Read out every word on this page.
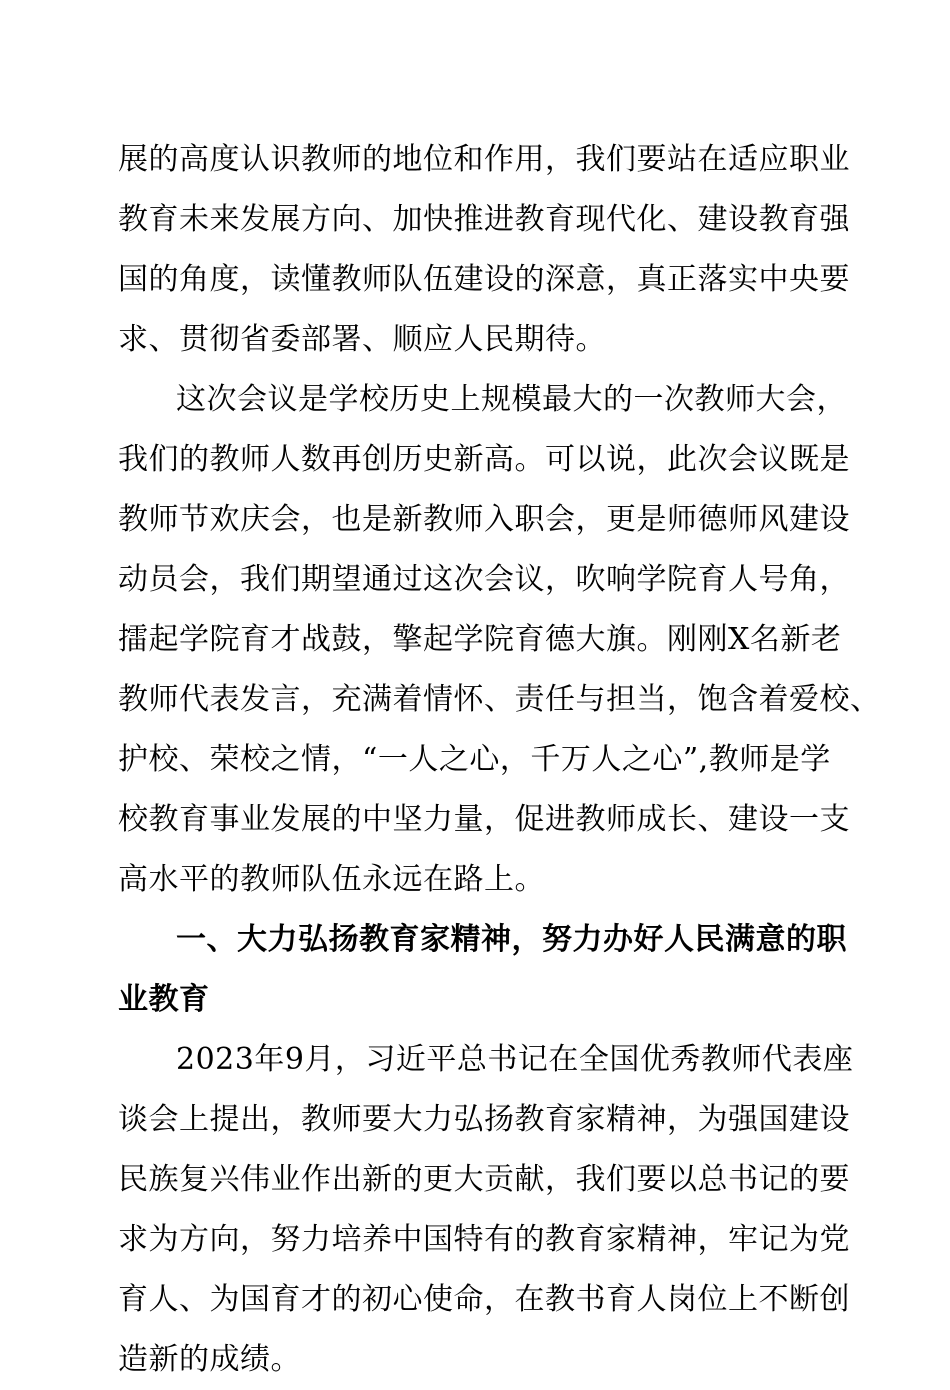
展的高度认识教师的地位和作用，我们要站在适应职业
教育未来发展方向、加快推进教育现代化、建设教育强
国的角度，读懂教师队伍建设的深意，真正落实中央要
求、贯彻省委部署、顺应人民期待。
这次会议是学校历史上规模最大的一次教师大会，
我们的教师人数再创历史新高。可以说，此次会议既是
教师节欢庆会，也是新教师入职会，更是师德师风建设
动员会，我们期望通过这次会议，吹响学院育人号角，
擂起学院育才战鼓，擎起学院育德大旗。刚刚X名新老
教师代表发言，充满着情怀、责任与担当，饱含着爱校、
护校、荣校之情，“一人之心，千万人之心”,教师是学
校教育事业发展的中坚力量，促进教师成长、建设一支
高水平的教师队伍永远在路上。
一、大力弘扬教育家精神，努力办好人民满意的职
业教育
2023年9月，习近平总书记在全国优秀教师代表座
谈会上提出，教师要大力弘扬教育家精神，为强国建设
民族复兴伟业作出新的更大贡献，我们要以总书记的要
求为方向，努力培养中国特有的教育家精神，牢记为党
育人、为国育才的初心使命，在教书育人岗位上不断创
造新的成绩。
